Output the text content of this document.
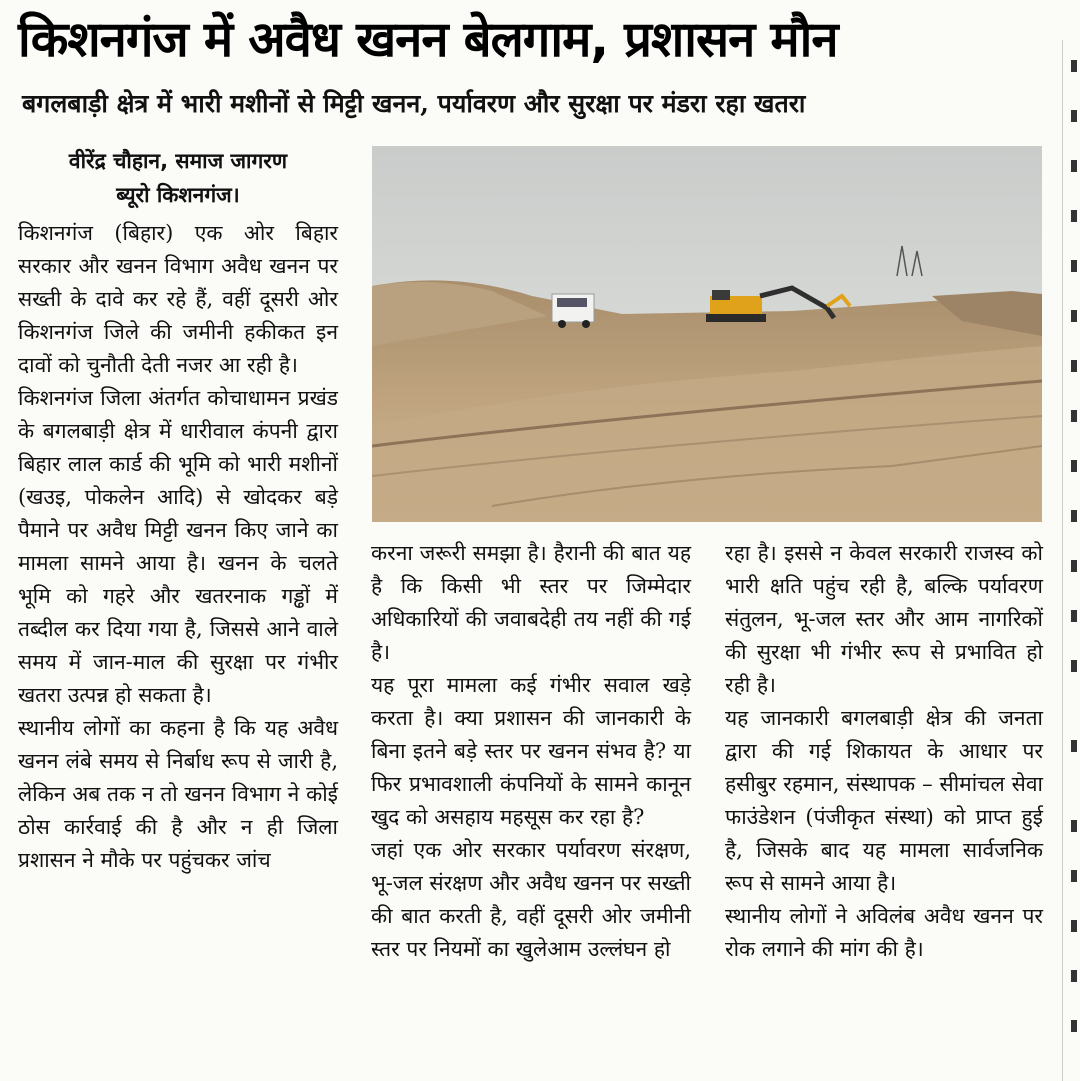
किशनगंज में अवैध खनन बेलगाम, प्रशासन मौन
बगलबाड़ी क्षेत्र में भारी मशीनों से मिट्टी खनन, पर्यावरण और सुरक्षा पर मंडरा रहा खतरा
वीरेंद्र चौहान, समाज जागरण
ब्यूरो किशनगंज।

किशनगंज (बिहार) एक ओर बिहार सरकार और खनन विभाग अवैध खनन पर सख्ती के दावे कर रहे हैं, वहीं दूसरी ओर किशनगंज जिले की जमीनी हकीकत इन दावों को चुनौती देती नजर आ रही है।

किशनगंज जिला अंतर्गत कोचाधामन प्रखंड के बगलबाड़ी क्षेत्र में धारीवाल कंपनी द्वारा बिहार लाल कार्ड की भूमि को भारी मशीनों (खउइ, पोकलेन आदि) से खोदकर बड़े पैमाने पर अवैध मिट्टी खनन किए जाने का मामला सामने आया है। खनन के चलते भूमि को गहरे और खतरनाक गड्ढों में तब्दील कर दिया गया है, जिससे आने वाले समय में जान-माल की सुरक्षा पर गंभीर खतरा उत्पन्न हो सकता है।

स्थानीय लोगों का कहना है कि यह अवैध खनन लंबे समय से निर्बाध रूप से जारी है, लेकिन अब तक न तो खनन विभाग ने कोई ठोस कार्रवाई की है और न ही जिला प्रशासन ने मौके पर पहुंचकर जांच

करना जरूरी समझा है। हैरानी की बात यह है कि किसी भी स्तर पर जिम्मेदार अधिकारियों की जवाबदेही तय नहीं की गई है।

यह पूरा मामला कई गंभीर सवाल खड़े करता है। क्या प्रशासन की जानकारी के बिना इतने बड़े स्तर पर खनन संभव है? या फिर प्रभावशाली कंपनियों के सामने कानून खुद को असहाय महसूस कर रहा है?

जहां एक ओर सरकार पर्यावरण संरक्षण, भू-जल संरक्षण और अवैध खनन पर सख्ती की बात करती है, वहीं दूसरी ओर जमीनी स्तर पर नियमों का खुलेआम उल्लंघन हो

रहा है। इससे न केवल सरकारी राजस्व को भारी क्षति पहुंच रही है, बल्कि पर्यावरण संतुलन, भू-जल स्तर और आम नागरिकों की सुरक्षा भी गंभीर रूप से प्रभावित हो रही है।

यह जानकारी बगलबाड़ी क्षेत्र की जनता द्वारा की गई शिकायत के आधार पर हसीबुर रहमान, संस्थापक – सीमांचल सेवा फाउंडेशन (पंजीकृत संस्था) को प्राप्त हुई है, जिसके बाद यह मामला सार्वजनिक रूप से सामने आया है।

स्थानीय लोगों ने अविलंब अवैध खनन पर रोक लगाने की मांग की है।
